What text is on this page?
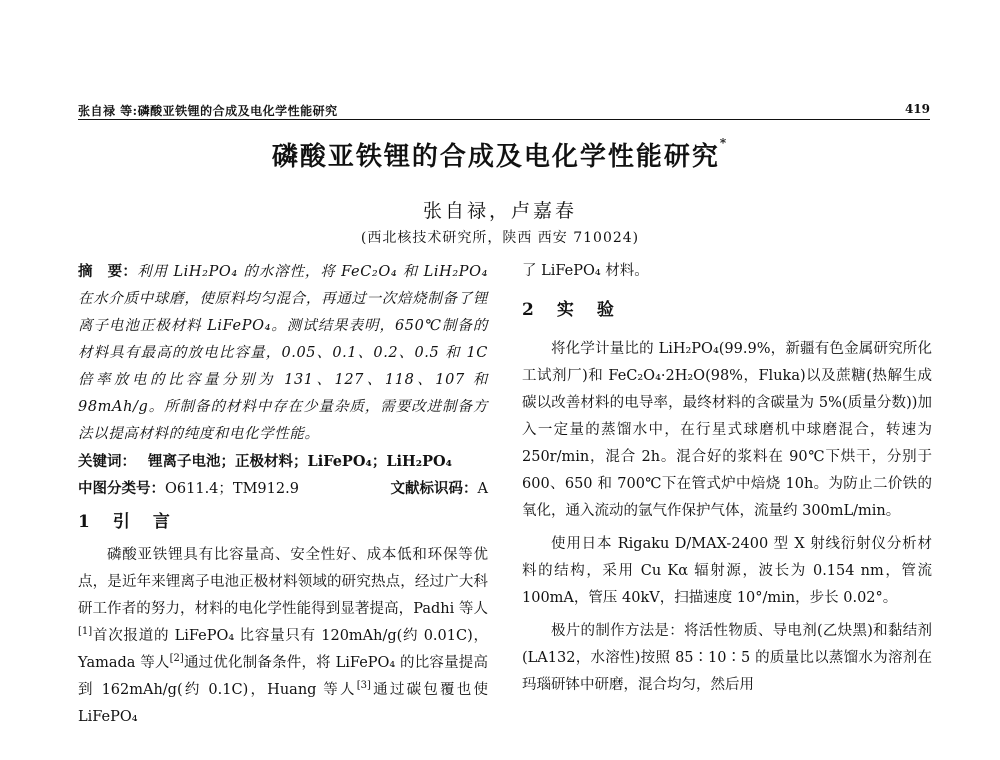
张自禄 等:磷酸亚铁锂的合成及电化学性能研究	419
磷酸亚铁锂的合成及电化学性能研究*
张自禄，卢嘉春
(西北核技术研究所，陕西 西安 710024)

摘　要：利用 LiH₂PO₄ 的水溶性，将 FeC₂O₄ 和 LiH₂PO₄ 在水介质中球磨，使原料均匀混合，再通过一次焙烧制备了锂离子电池正极材料 LiFePO₄。测试结果表明，650℃制备的材料具有最高的放电比容量，0.05、0.1、0.2、0.5 和 1C 倍率放电的比容量分别为 131、127、118、107 和 98mAh/g。所制备的材料中存在少量杂质，需要改进制备方法以提高材料的纯度和电化学性能。

关键词： 锂离子电池；正极材料；LiFePO₄；LiH₂PO₄

中图分类号：O611.4；TM912.9	文献标识码：A

1　引　言

磷酸亚铁锂具有比容量高、安全性好、成本低和环保等优点，是近年来锂离子电池正极材料领域的研究热点，经过广大科研工作者的努力，材料的电化学性能得到显著提高，Padhi 等人[1]首次报道的 LiFePO₄ 比容量只有 120mAh/g(约 0.01C)，Yamada 等人[2]通过优化制备条件，将 LiFePO₄ 的比容量提高到 162mAh/g(约 0.1C)，Huang 等人[3]通过碳包覆也使 LiFePO₄

了 LiFePO₄ 材料。

2　实　验

将化学计量比的 LiH₂PO₄(99.9%，新疆有色金属研究所化工试剂厂)和 FeC₂O₄·2H₂O(98%，Fluka)以及蔗糖(热解生成碳以改善材料的电导率，最终材料的含碳量为 5%(质量分数))加入一定量的蒸馏水中，在行星式球磨机中球磨混合，转速为 250r/min，混合 2h。混合好的浆料在 90℃下烘干，分别于 600、650 和 700℃下在管式炉中焙烧 10h。为防止二价铁的氧化，通入流动的氩气作保护气体，流量约 300mL/min。

使用日本 Rigaku D/MAX-2400 型 X 射线衍射仪分析材料的结构，采用 Cu Kα 辐射源，波长为 0.154 nm，管流 100mA，管压 40kV，扫描速度 10°/min，步长 0.02°。

极片的制作方法是：将活性物质、导电剂(乙炔黑)和黏结剂(LA132，水溶性)按照 85∶10∶5 的质量比以蒸馏水为溶剂在玛瑙研钵中研磨，混合均匀，然后用
